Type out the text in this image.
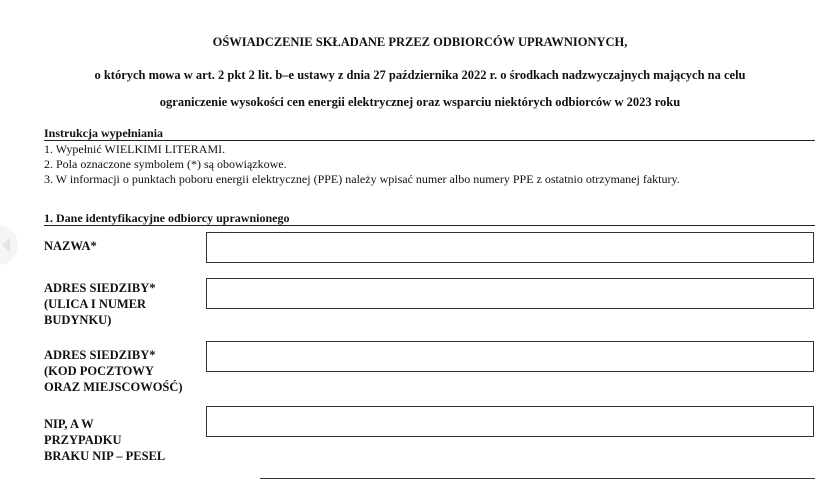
OŚWIADCZENIE SKŁADANE PRZEZ ODBIORCÓW UPRAWNIONYCH,
o których mowa w art. 2 pkt 2 lit. b–e ustawy z dnia 27 października 2022 r. o środkach nadzwyczajnych mających na celu
ograniczenie wysokości cen energii elektrycznej oraz wsparciu niektórych odbiorców w 2023 roku
Instrukcja wypełniania
1. Wypełnić WIELKIMI LITERAMI.
2. Pola oznaczone symbolem (*) są obowiązkowe.
3. W informacji o punktach poboru energii elektrycznej (PPE) należy wpisać numer albo numery PPE z ostatnio otrzymanej faktury.
1. Dane identyfikacyjne odbiorcy uprawnionego
NAZWA*
ADRES SIEDZIBY*
(ULICA I NUMER
BUDYNKU)
ADRES SIEDZIBY*
(KOD POCZTOWY
ORAZ MIEJSCOWOŚĆ)
NIP, A W
PRZYPADKU
BRAKU NIP – PESEL
